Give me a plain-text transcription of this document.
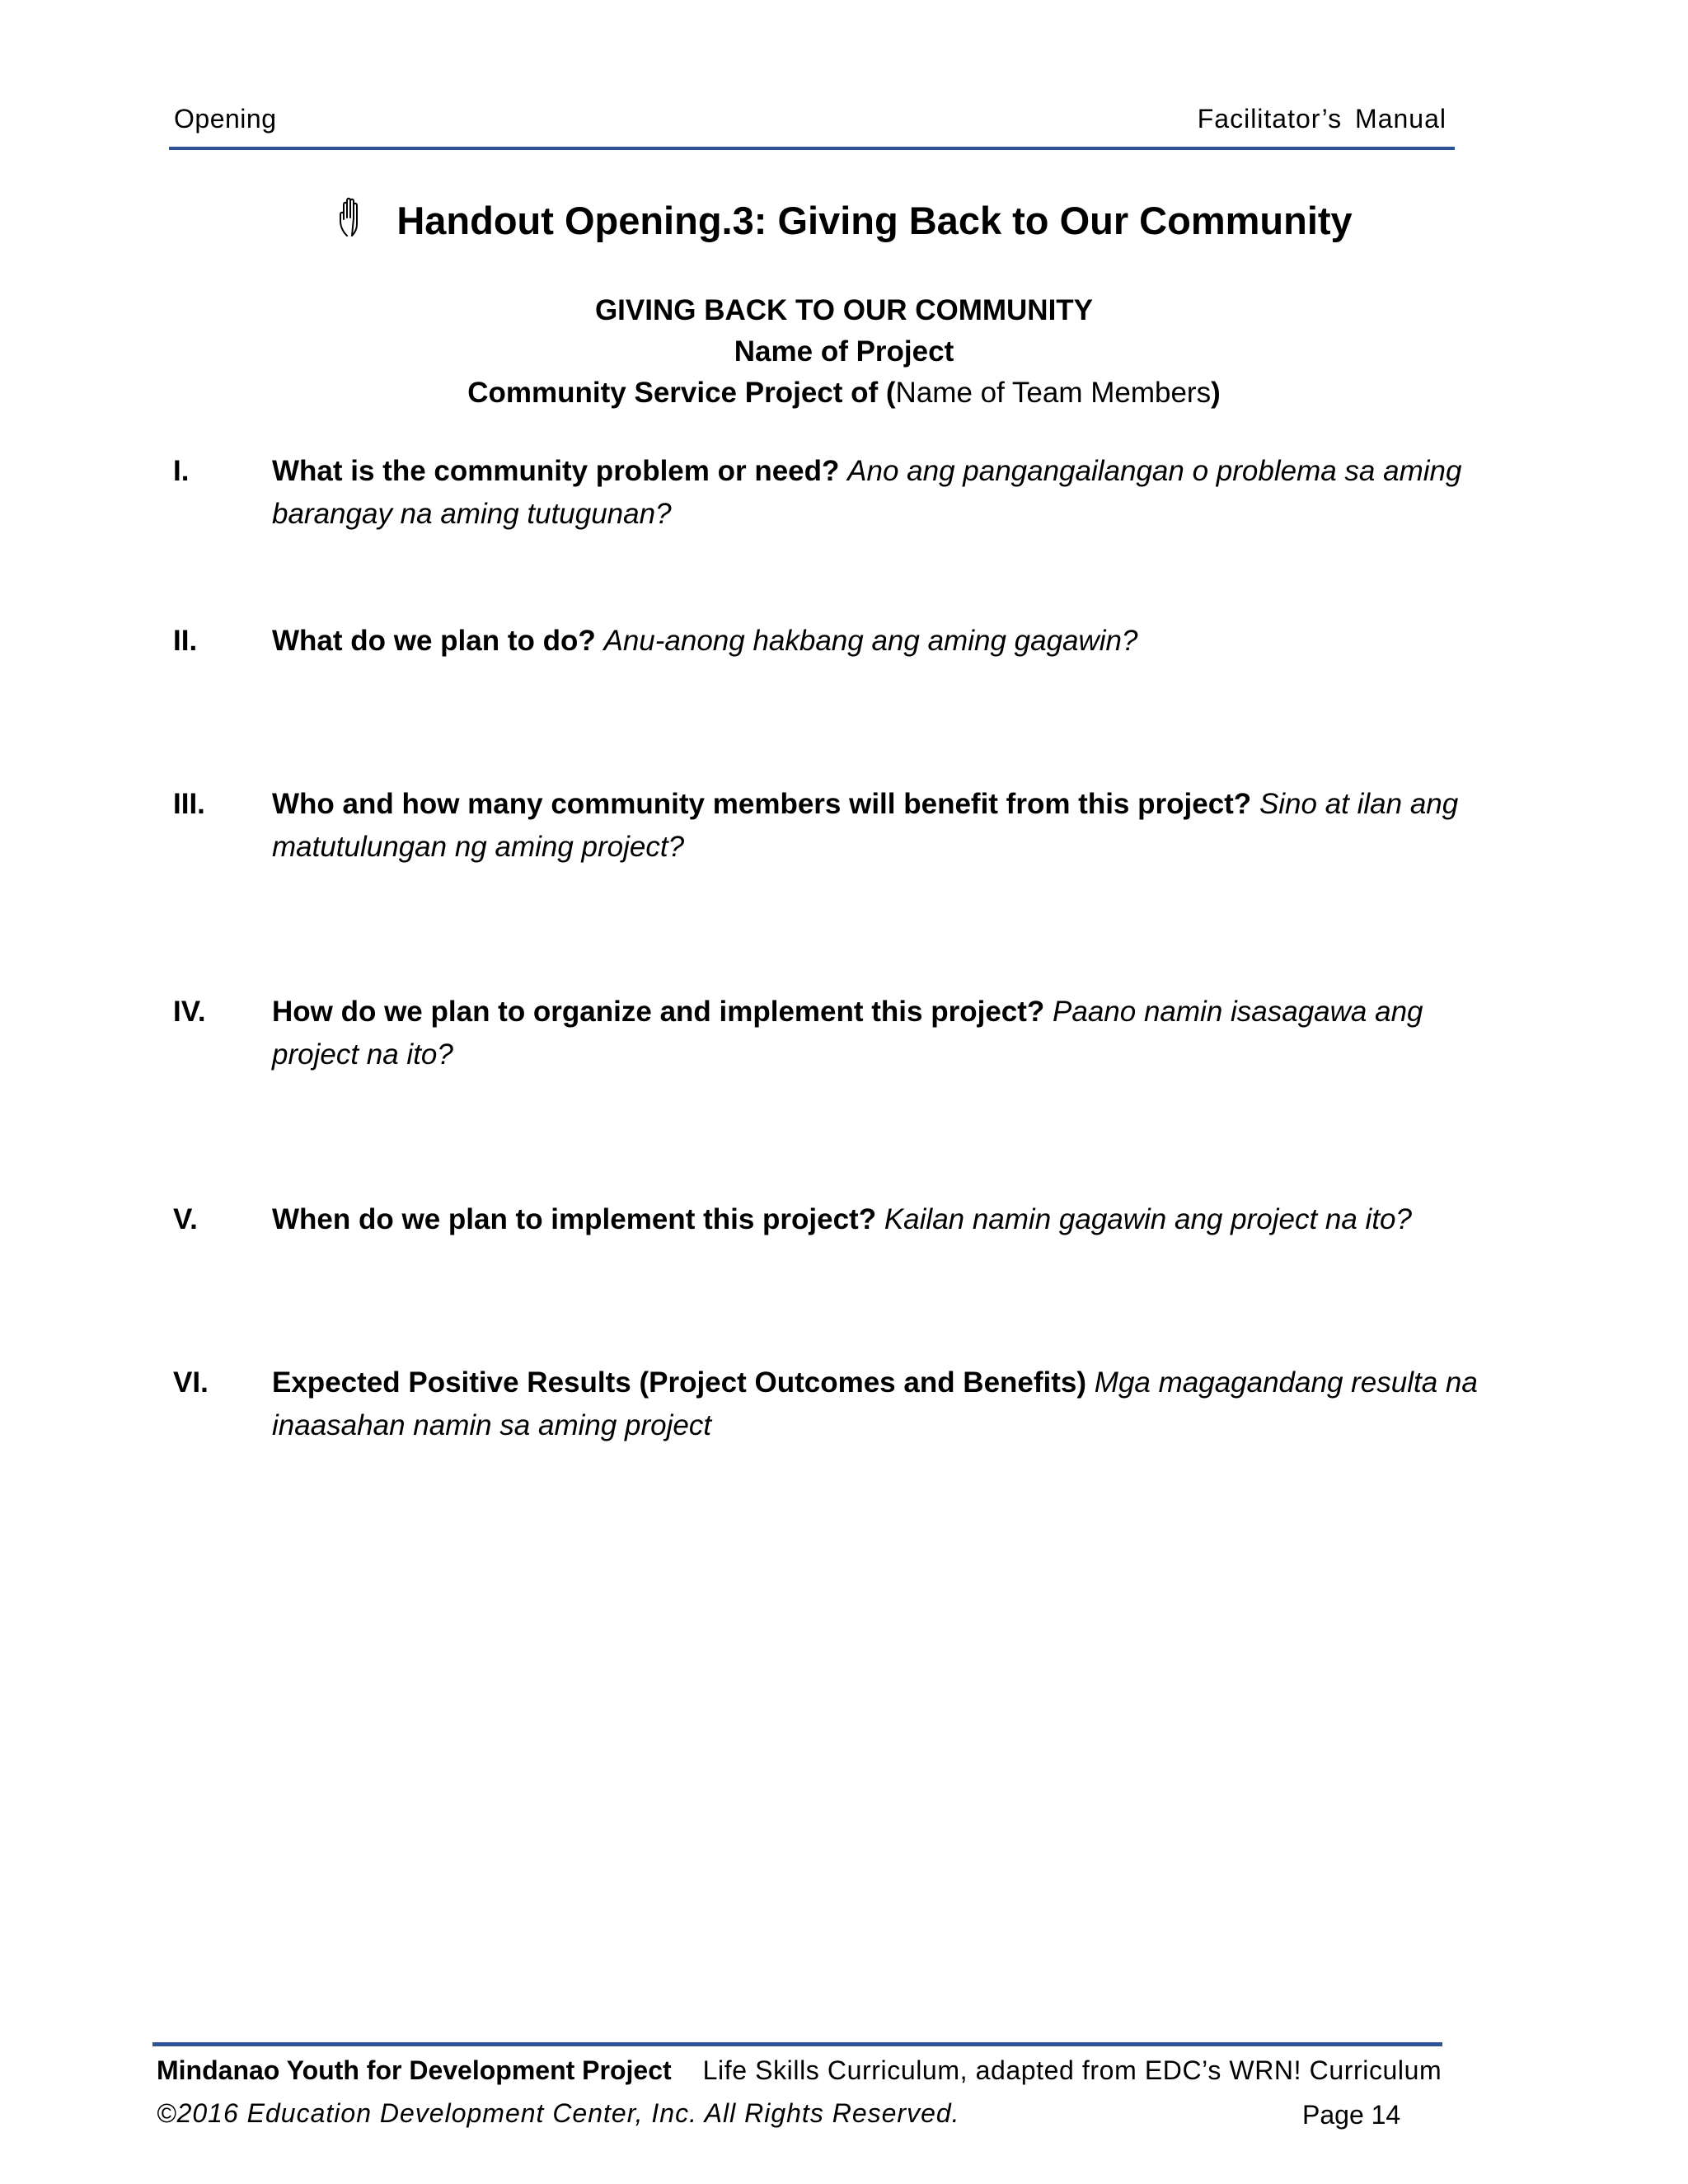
Opening	Facilitator’s Manual
Handout Opening.3: Giving Back to Our Community
GIVING BACK TO OUR COMMUNITY
Name of Project
Community Service Project of (Name of Team Members)
I.	What is the community problem or need? Ano ang pangangailangan o problema sa aming barangay na aming tutugunan?
II.	What do we plan to do? Anu-anong hakbang ang aming gagawin?
III. Who and how many community members will benefit from this project? Sino at ilan ang matutulungan ng aming project?
IV. How do we plan to organize and implement this project? Paano namin isasagawa ang project na ito?
V.	When do we plan to implement this project? Kailan namin gagawin ang project na ito?
VI. Expected Positive Results (Project Outcomes and Benefits) Mga magagandang resulta na inaasahan namin sa aming project
Mindanao Youth for Development Project Life Skills Curriculum, adapted from EDC’s WRN! Curriculum
©2016 Education Development Center, Inc. All Rights Reserved.	Page 14
